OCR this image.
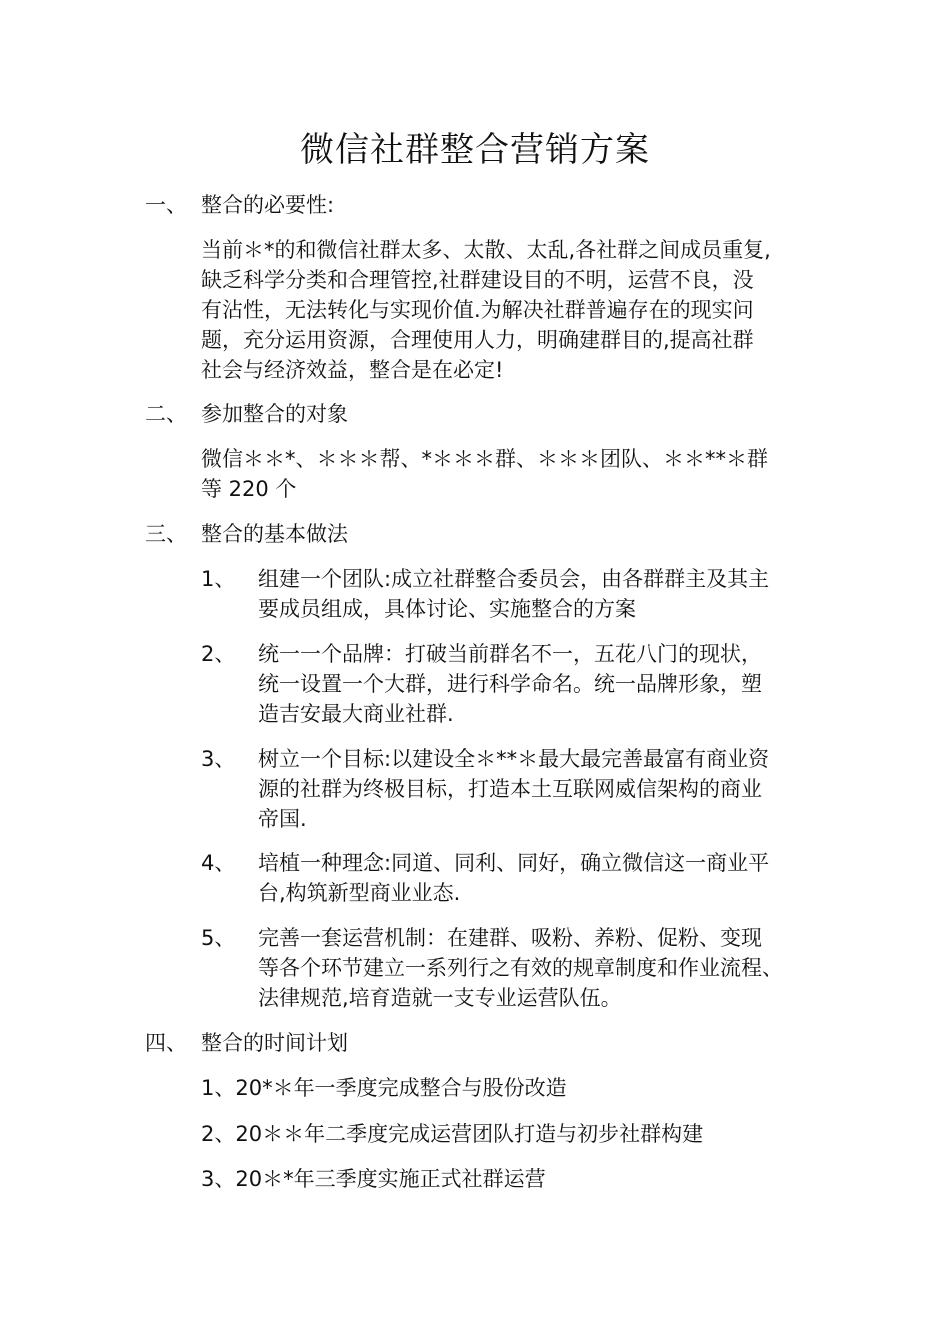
微信社群整合营销方案
一、 整合的必要性:
当前＊*的和微信社群太多、太散、太乱,各社群之间成员重复,
缺乏科学分类和合理管控,社群建设目的不明，运营不良，没
有沾性，无法转化与实现价值.为解决社群普遍存在的现实问
题，充分运用资源，合理使用人力，明确建群目的,提高社群
社会与经济效益，整合是在必定!
二、 参加整合的对象
微信＊＊*、＊＊＊帮、*＊＊＊群、＊＊＊团队、＊＊**＊群
等 220 个
三、 整合的基本做法
1、 组建一个团队:成立社群整合委员会，由各群群主及其主
要成员组成，具体讨论、实施整合的方案
2、 统一一个品牌：打破当前群名不一，五花八门的现状，
统一设置一个大群，进行科学命名。统一品牌形象，塑
造吉安最大商业社群.
3、 树立一个目标:以建设全＊**＊最大最完善最富有商业资
源的社群为终极目标，打造本土互联网威信架构的商业
帝国.
4、 培植一种理念:同道、同利、同好，确立微信这一商业平
台,构筑新型商业业态.
5、 完善一套运营机制：在建群、吸粉、养粉、促粉、变现
等各个环节建立一系列行之有效的规章制度和作业流程、
法律规范,培育造就一支专业运营队伍。
四、 整合的时间计划
1、20*＊年一季度完成整合与股份改造
2、20＊＊年二季度完成运营团队打造与初步社群构建
3、20＊*年三季度实施正式社群运营
